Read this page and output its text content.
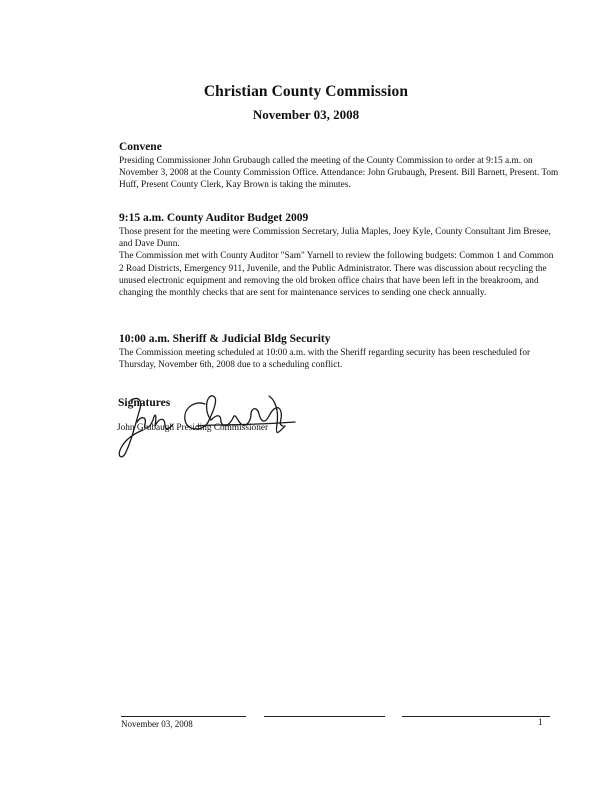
Christian County Commission
November 03, 2008
Convene

Presiding Commissioner John Grubaugh called the meeting of the County Commission to order at 9:15 a.m. on November 3, 2008 at the County Commission Office. Attendance: John Grubaugh, Present. Bill Barnett, Present. Tom Huff, Present County Clerk, Kay Brown is taking the minutes.

9:15 a.m. County Auditor Budget 2009

Those present for the meeting were Commission Secretary, Julia Maples, Joey Kyle, County Consultant Jim Bresee, and Dave Dunn.

The Commission met with County Auditor "Sam" Yarnell to review the following budgets: Common 1 and Common 2 Road Districts, Emergency 911, Juvenile, and the Public Administrator. There was discussion about recycling the unused electronic equipment and removing the old broken office chairs that have been left in the breakroom, and changing the monthly checks that are sent for maintenance services to sending one check annually.

10:00 a.m. Sheriff & Judicial Bldg Security

The Commission meeting scheduled at 10:00 a.m. with the Sheriff regarding security has been rescheduled for Thursday, November 6th, 2008 due to a scheduling conflict.

Signatures
John Grubaugh Presiding Commissioner
November 03, 2008	1
